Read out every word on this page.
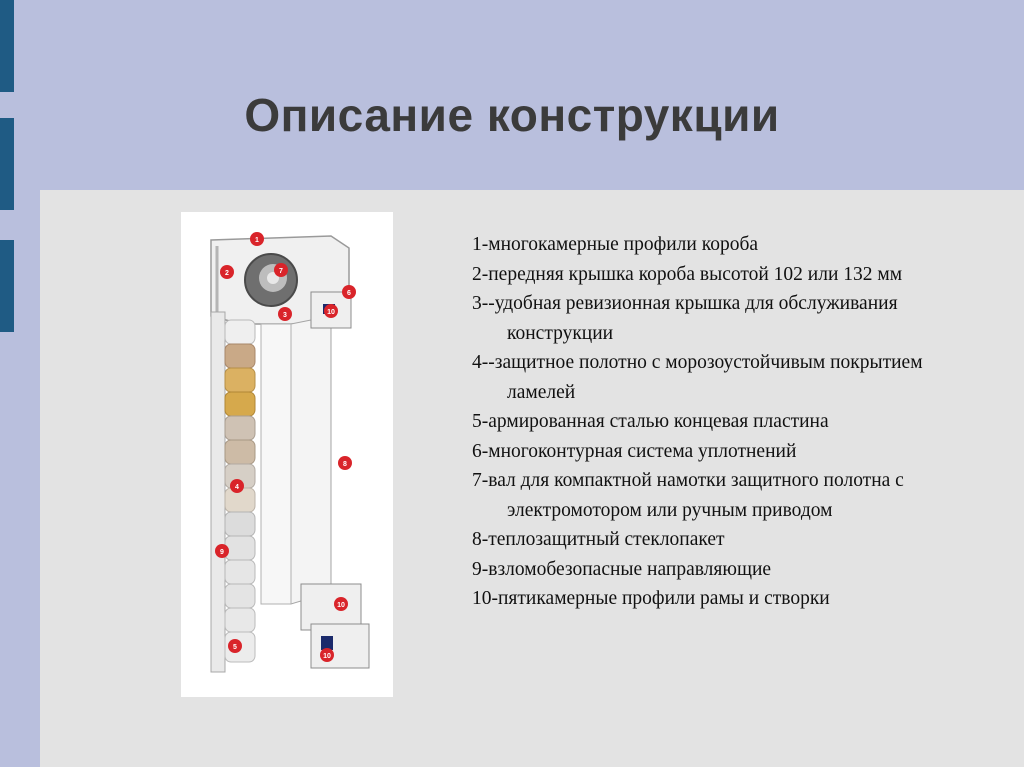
Описание конструкции
1
2
3
4
5
6
7
8
9
10
10
10
1-многокамерные профили короба
2-передняя крышка короба высотой 102 или 132 мм
3--удобная ревизионная крышка для обслуживания конструкции
4--защитное полотно с морозоустойчивым покрытием ламелей
5-армированная сталью концевая пластина
6-многоконтурная система уплотнений
7-вал для компактной намотки защитного полотна с электромотором или ручным приводом
8-теплозащитный стеклопакет
9-взломобезопасные направляющие
10-пятикамерные профили рамы и створки
